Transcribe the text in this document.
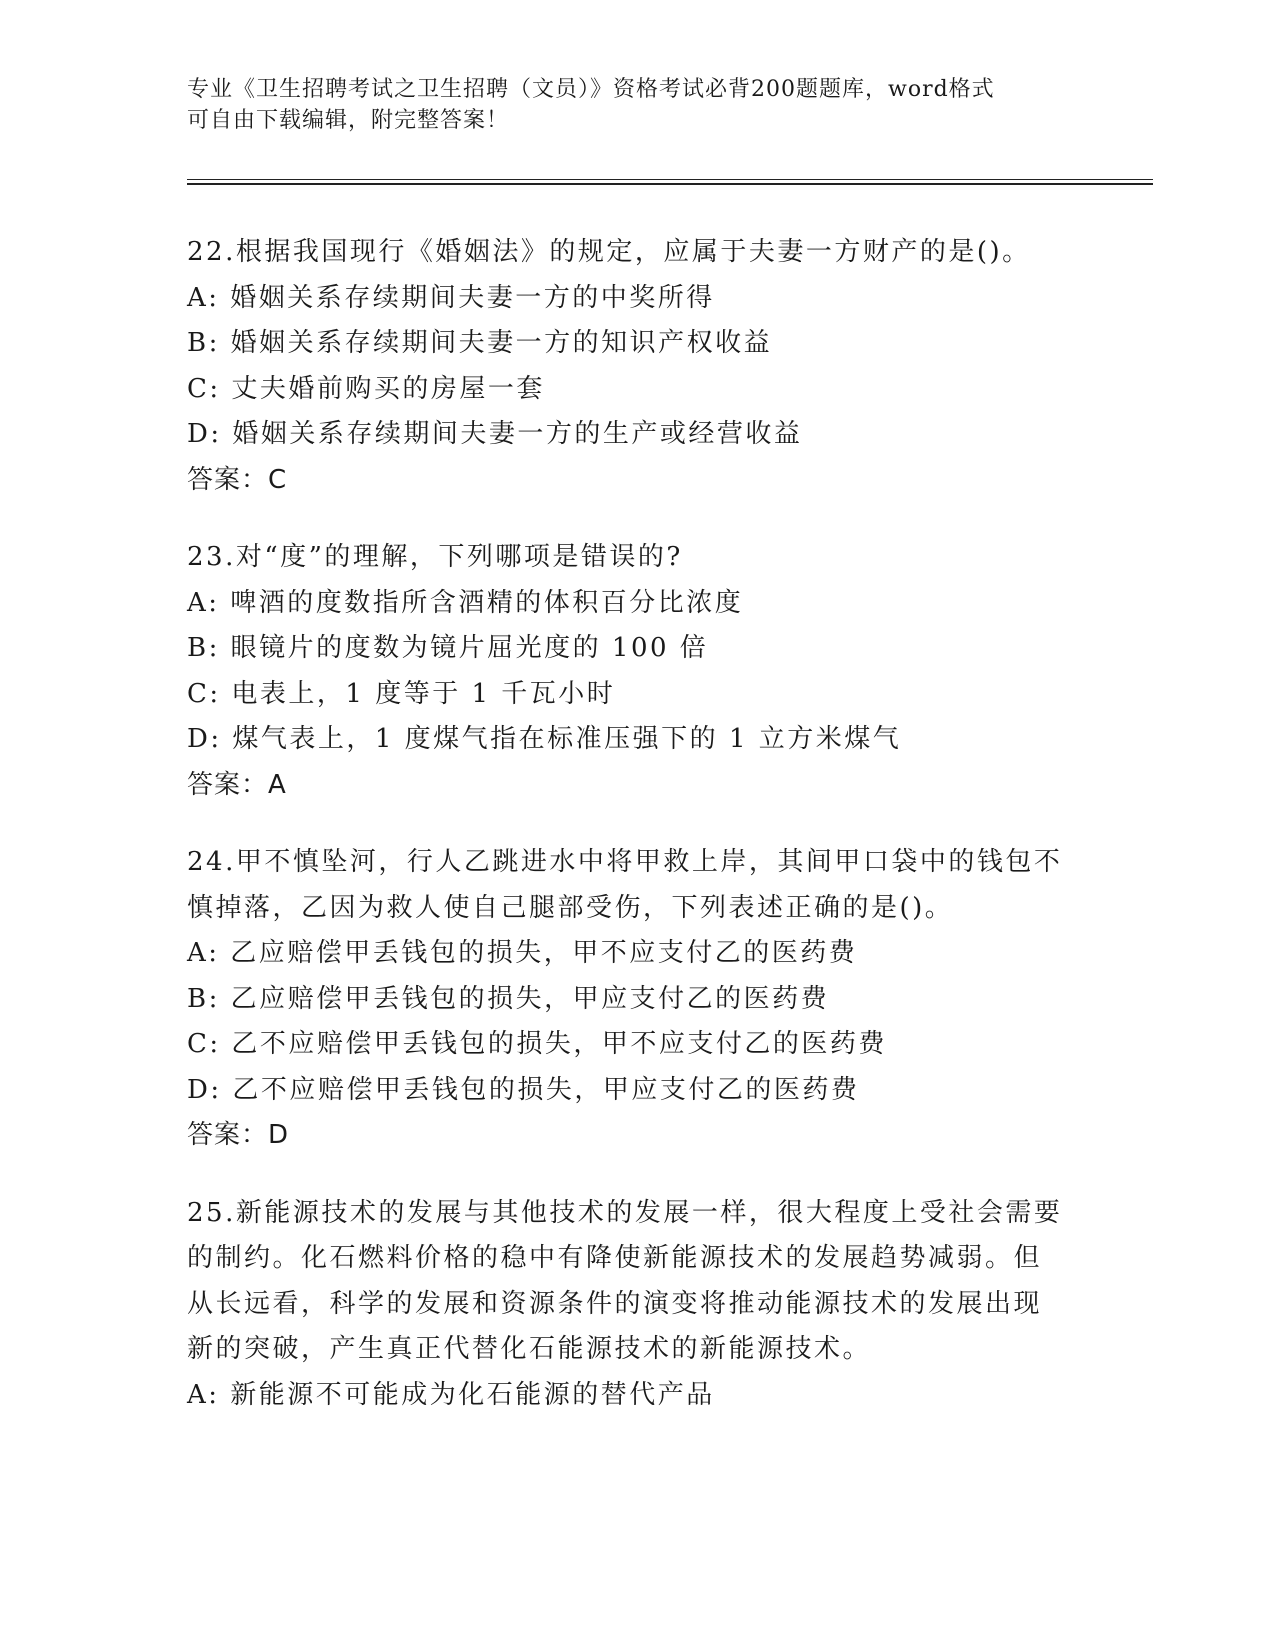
专业《卫生招聘考试之卫生招聘（文员）》资格考试必背200题题库，word格式
可自由下载编辑，附完整答案！
22.根据我国现行《婚姻法》的规定，应属于夫妻一方财产的是()。
A: 婚姻关系存续期间夫妻一方的中奖所得
B: 婚姻关系存续期间夫妻一方的知识产权收益
C: 丈夫婚前购买的房屋一套
D: 婚姻关系存续期间夫妻一方的生产或经营收益
答案：C
23.对“度”的理解，下列哪项是错误的?
A: 啤酒的度数指所含酒精的体积百分比浓度
B: 眼镜片的度数为镜片屈光度的 100 倍
C: 电表上，1 度等于 1 千瓦小时
D: 煤气表上，1 度煤气指在标准压强下的 1 立方米煤气
答案：A
24.甲不慎坠河，行人乙跳进水中将甲救上岸，其间甲口袋中的钱包不
慎掉落，乙因为救人使自己腿部受伤，下列表述正确的是()。
A: 乙应赔偿甲丢钱包的损失，甲不应支付乙的医药费
B: 乙应赔偿甲丢钱包的损失，甲应支付乙的医药费
C: 乙不应赔偿甲丢钱包的损失，甲不应支付乙的医药费
D: 乙不应赔偿甲丢钱包的损失，甲应支付乙的医药费
答案：D
25.新能源技术的发展与其他技术的发展一样，很大程度上受社会需要
的制约。化石燃料价格的稳中有降使新能源技术的发展趋势减弱。但
从长远看，科学的发展和资源条件的演变将推动能源技术的发展出现
新的突破，产生真正代替化石能源技术的新能源技术。
A: 新能源不可能成为化石能源的替代产品
